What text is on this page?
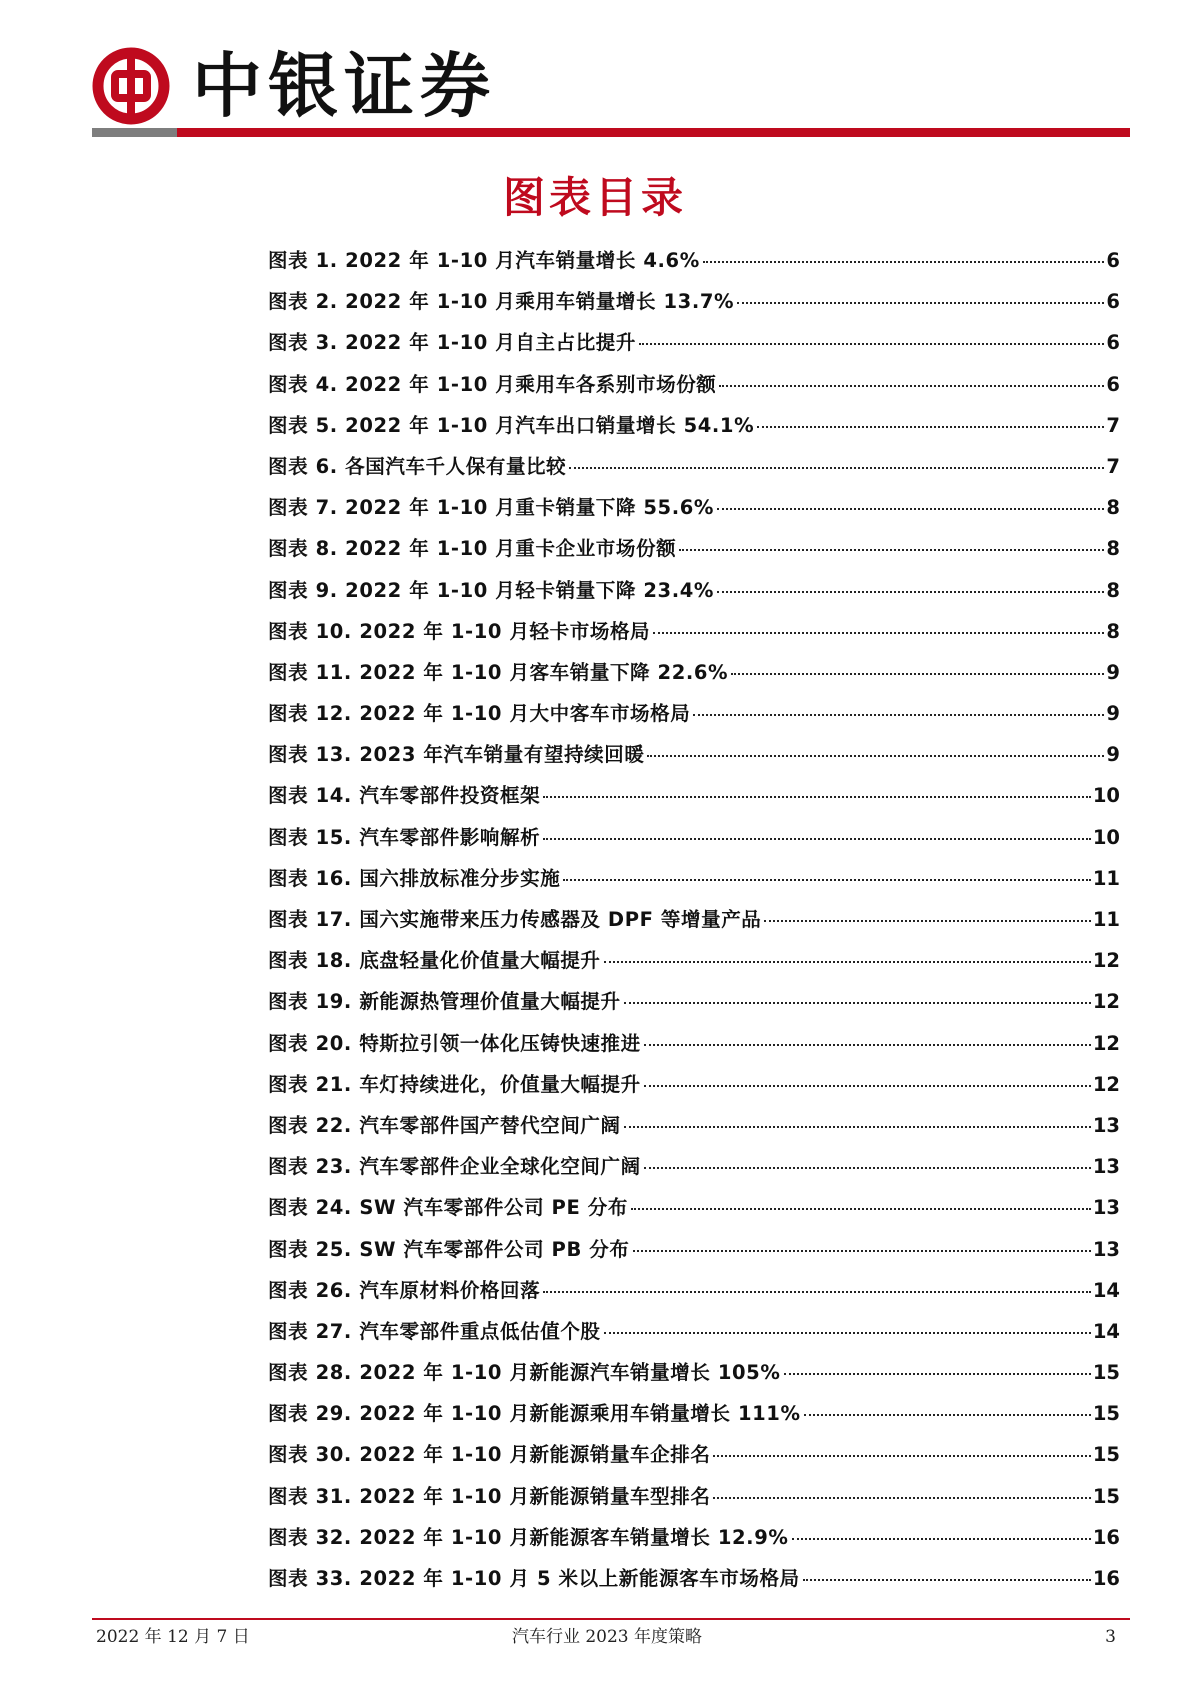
中银证券
图表目录
图表 1. 2022 年 1-10 月汽车销量增长 4.6%	6
图表 2. 2022 年 1-10 月乘用车销量增长 13.7%	6
图表 3. 2022 年 1-10 月自主占比提升	6
图表 4. 2022 年 1-10 月乘用车各系别市场份额	6
图表 5. 2022 年 1-10 月汽车出口销量增长 54.1%	7
图表 6. 各国汽车千人保有量比较	7
图表 7. 2022 年 1-10 月重卡销量下降 55.6%	8
图表 8. 2022 年 1-10 月重卡企业市场份额	8
图表 9. 2022 年 1-10 月轻卡销量下降 23.4%	8
图表 10. 2022 年 1-10 月轻卡市场格局	8
图表 11. 2022 年 1-10 月客车销量下降 22.6%	9
图表 12. 2022 年 1-10 月大中客车市场格局	9
图表 13. 2023 年汽车销量有望持续回暖	9
图表 14. 汽车零部件投资框架	10
图表 15. 汽车零部件影响解析	10
图表 16. 国六排放标准分步实施	11
图表 17. 国六实施带来压力传感器及 DPF 等增量产品	11
图表 18. 底盘轻量化价值量大幅提升	12
图表 19. 新能源热管理价值量大幅提升	12
图表 20. 特斯拉引领一体化压铸快速推进	12
图表 21. 车灯持续进化，价值量大幅提升	12
图表 22. 汽车零部件国产替代空间广阔	13
图表 23. 汽车零部件企业全球化空间广阔	13
图表 24. SW 汽车零部件公司 PE 分布	13
图表 25. SW 汽车零部件公司 PB 分布	13
图表 26. 汽车原材料价格回落	14
图表 27. 汽车零部件重点低估值个股	14
图表 28. 2022 年 1-10 月新能源汽车销量增长 105%	15
图表 29. 2022 年 1-10 月新能源乘用车销量增长 111%	15
图表 30. 2022 年 1-10 月新能源销量车企排名	15
图表 31. 2022 年 1-10 月新能源销量车型排名	15
图表 32. 2022 年 1-10 月新能源客车销量增长 12.9%	16
图表 33. 2022 年 1-10 月 5 米以上新能源客车市场格局	16
2022 年 12 月 7 日	汽车行业 2023 年度策略	3
